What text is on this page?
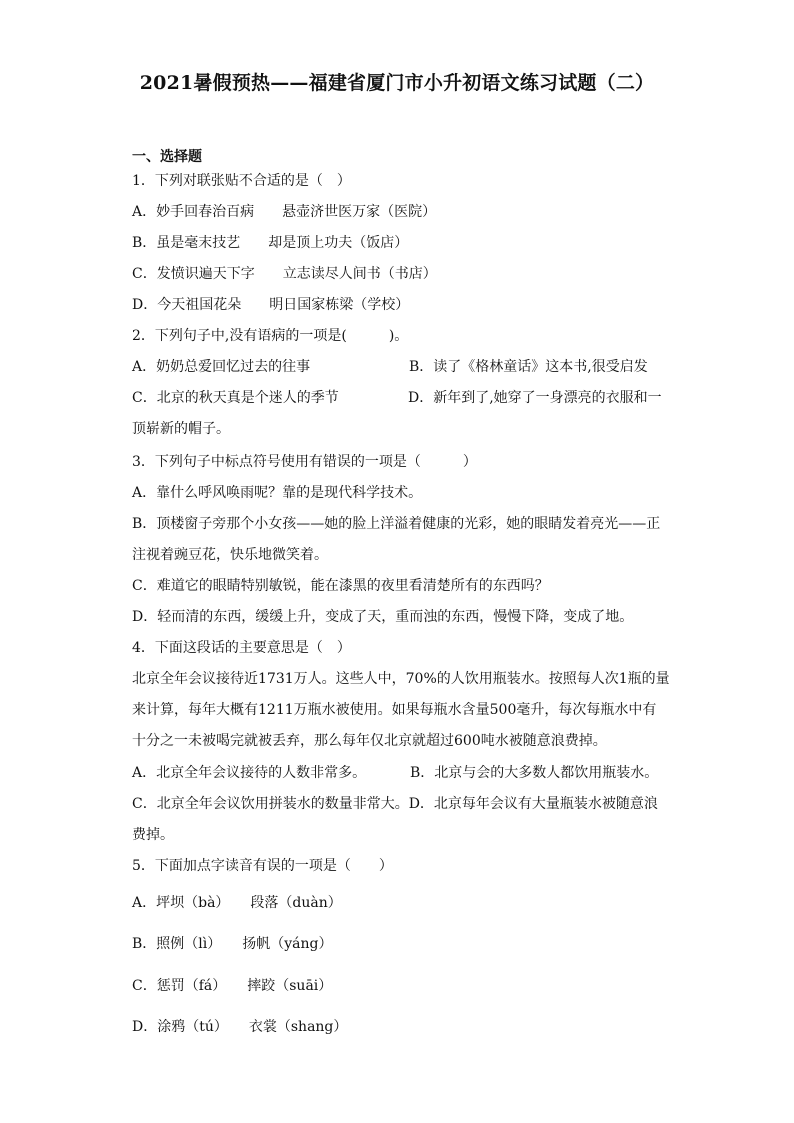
2021暑假预热——福建省厦门市小升初语文练习试题（二）
一、选择题
1．下列对联张贴不合适的是（　）
A．妙手回春治百病　　悬壶济世医万家（医院）
B．虽是毫末技艺　　却是顶上功夫（饭店）
C．发愤识遍天下字　　立志读尽人间书（书店）
D．今天祖国花朵　　明日国家栋梁（学校）
2．下列句子中,没有语病的一项是(　　　)。
A．奶奶总爱回忆过去的往事	B．读了《格林童话》这本书,很受启发
C．北京的秋天真是个迷人的季节	D．新年到了,她穿了一身漂亮的衣服和一
顶崭新的帽子。
3．下列句子中标点符号使用有错误的一项是（　　　）
A．靠什么呼风唤雨呢？靠的是现代科学技术。
B．顶楼窗子旁那个小女孩——她的脸上洋溢着健康的光彩，她的眼睛发着亮光——正
注视着豌豆花，快乐地微笑着。
C．难道它的眼睛特别敏锐，能在漆黑的夜里看清楚所有的东西吗？
D．轻而清的东西，缓缓上升，变成了天，重而浊的东西，慢慢下降，变成了地。
4．下面这段话的主要意思是（　）
北京全年会议接待近1731万人。这些人中，70%的人饮用瓶装水。按照每人次1瓶的量
来计算，每年大概有1211万瓶水被使用。如果每瓶水含量500毫升，每次每瓶水中有
十分之一未被喝完就被丢弃，那么每年仅北京就超过600吨水被随意浪费掉。
A．北京全年会议接待的人数非常多。	B．北京与会的大多数人都饮用瓶装水。
C．北京全年会议饮用拼装水的数量非常大。D．北京每年会议有大量瓶装水被随意浪
费掉。
5．下面加点字读音有误的一项是（　　）
A．坪坝（bà）　　段落（duàn）
B．照例（lì）　　扬帆（yáng）
C．惩罚（fá）　　摔跤（suāi）
D．涂鸦（tú）　　衣裳（shang）
